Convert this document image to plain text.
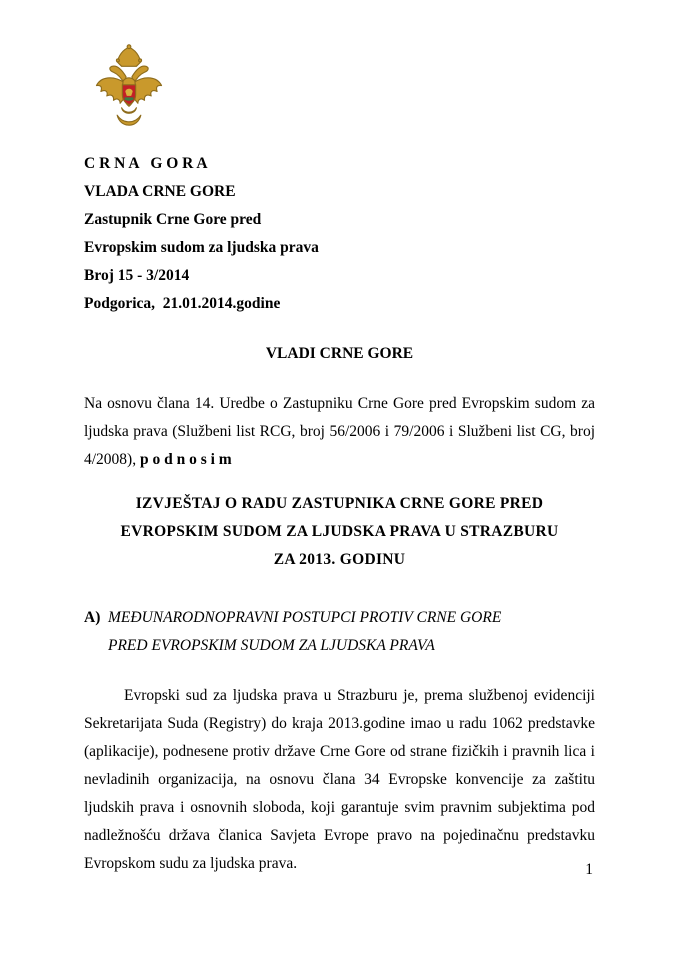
C R N A   G O R A
VLADA CRNE GORE
Zastupnik Crne Gore pred
Evropskim sudom za ljudska prava
Broj 15 - 3/2014
Podgorica,  21.01.2014.godine
VLADI CRNE GORE

Na osnovu člana 14. Uredbe o Zastupniku Crne Gore pred Evropskim sudom za ljudska prava (Službeni list RCG, broj 56/2006 i 79/2006 i Službeni list CG, broj 4/2008), p o d n o s i m

IZVJEŠTAJ O RADU ZASTUPNIKA CRNE GORE PRED
EVROPSKIM SUDOM ZA LJUDSKA PRAVA U STRAZBURU
ZA 2013. GODINU
A) MEĐUNARODNOPRAVNI POSTUPCI PROTIV CRNE GORE
PRED EVROPSKIM SUDOM ZA LJUDSKA PRAVA

Evropski sud za ljudska prava u Strazburu je, prema službenoj evidenciji Sekretarijata Suda (Registry) do kraja 2013.godine imao u radu 1062 predstavke (aplikacije), podnesene protiv države Crne Gore od strane fizičkih i pravnih lica i nevladinih organizacija, na osnovu člana 34 Evropske konvencije za zaštitu ljudskih prava i osnovnih sloboda, koji garantuje svim pravnim subjektima pod nadležnošću država članica Savjeta Evrope pravo na pojedinačnu predstavku Evropskom sudu za ljudska prava.	1
